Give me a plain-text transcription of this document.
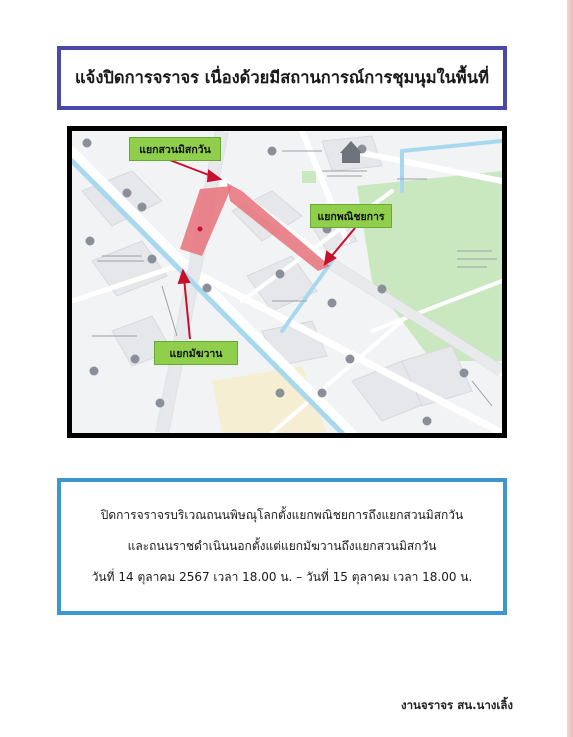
แจ้งปิดการจราจร เนื่องด้วยมีสถานการณ์การชุมนุมในพื้นที่
แยกสวนมิสกวัน
แยกพณิชยการ
แยกมัฆวาน
ปิดการจราจรบริเวณถนนพิษณุโลกตั้งแยกพณิชยการถึงแยกสวนมิสกวัน
และถนนราชดำเนินนอกตั้งแต่แยกมัฆวานถึงแยกสวนมิสกวัน
วันที่ 14 ตุลาคม 2567 เวลา 18.00 น. – วันที่ 15 ตุลาคม เวลา 18.00 น.
งานจราจร สน.นางเลิ้ง
